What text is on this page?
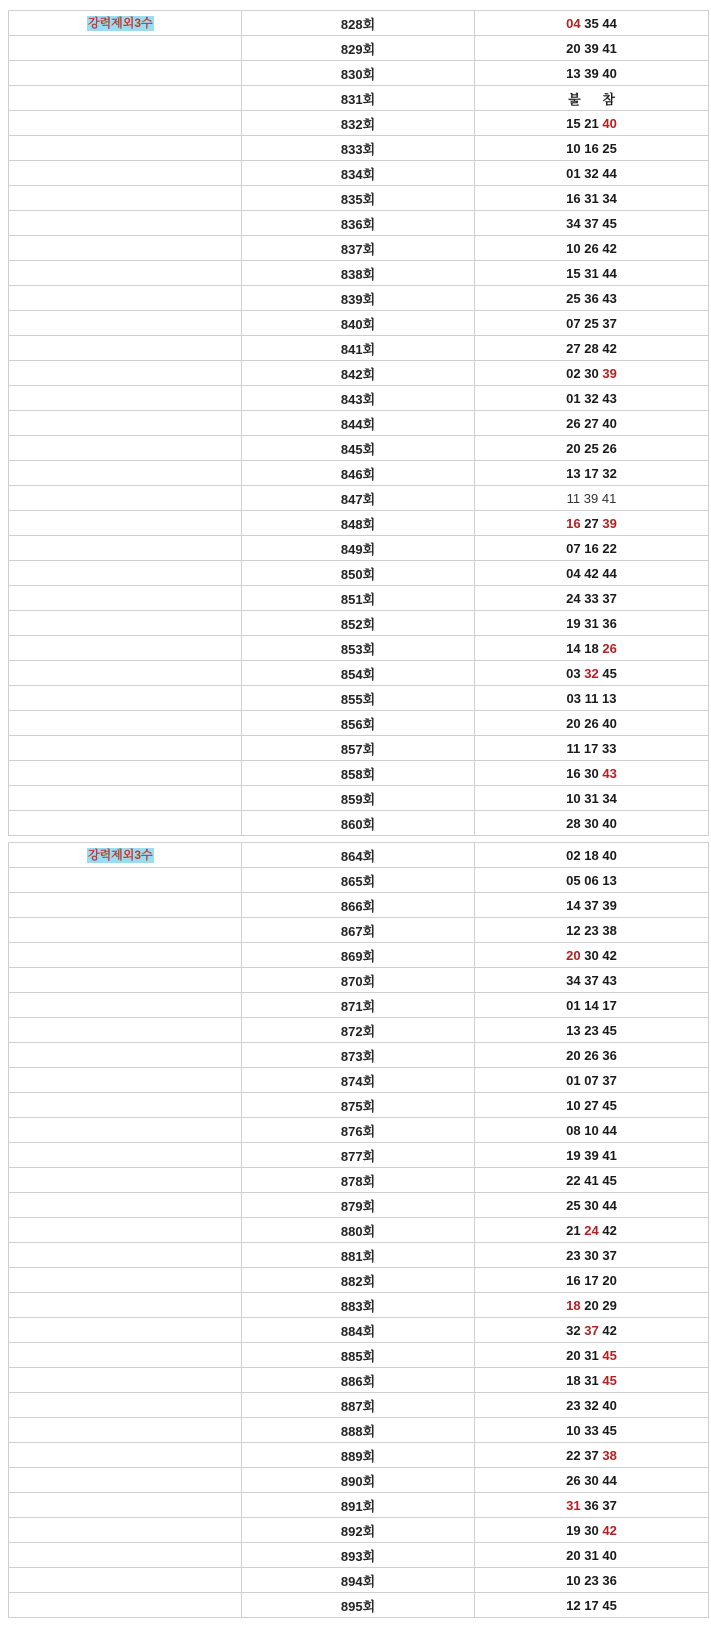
강력제외3수	828회	04 35 44
	829회	20 39 41
	830회	13 39 40
	831회	불 참
	832회	15 21 40
	833회	10 16 25
	834회	01 32 44
	835회	16 31 34
	836회	34 37 45
	837회	10 26 42
	838회	15 31 44
	839회	25 36 43
	840회	07 25 37
	841회	27 28 42
	842회	02 30 39
	843회	01 32 43
	844회	26 27 40
	845회	20 25 26
	846회	13 17 32
	847회	11 39 41
	848회	16 27 39
	849회	07 16 22
	850회	04 42 44
	851회	24 33 37
	852회	19 31 36
	853회	14 18 26
	854회	03 32 45
	855회	03 11 13
	856회	20 26 40
	857회	11 17 33
	858회	16 30 43
	859회	10 31 34
	860회	28 30 40
강력제외3수	864회	02 18 40
	865회	05 06 13
	866회	14 37 39
	867회	12 23 38
	869회	20 30 42
	870회	34 37 43
	871회	01 14 17
	872회	13 23 45
	873회	20 26 36
	874회	01 07 37
	875회	10 27 45
	876회	08 10 44
	877회	19 39 41
	878회	22 41 45
	879회	25 30 44
	880회	21 24 42
	881회	23 30 37
	882회	16 17 20
	883회	18 20 29
	884회	32 37 42
	885회	20 31 45
	886회	18 31 45
	887회	23 32 40
	888회	10 33 45
	889회	22 37 38
	890회	26 30 44
	891회	31 36 37
	892회	19 30 42
	893회	20 31 40
	894회	10 23 36
	895회	12 17 45
